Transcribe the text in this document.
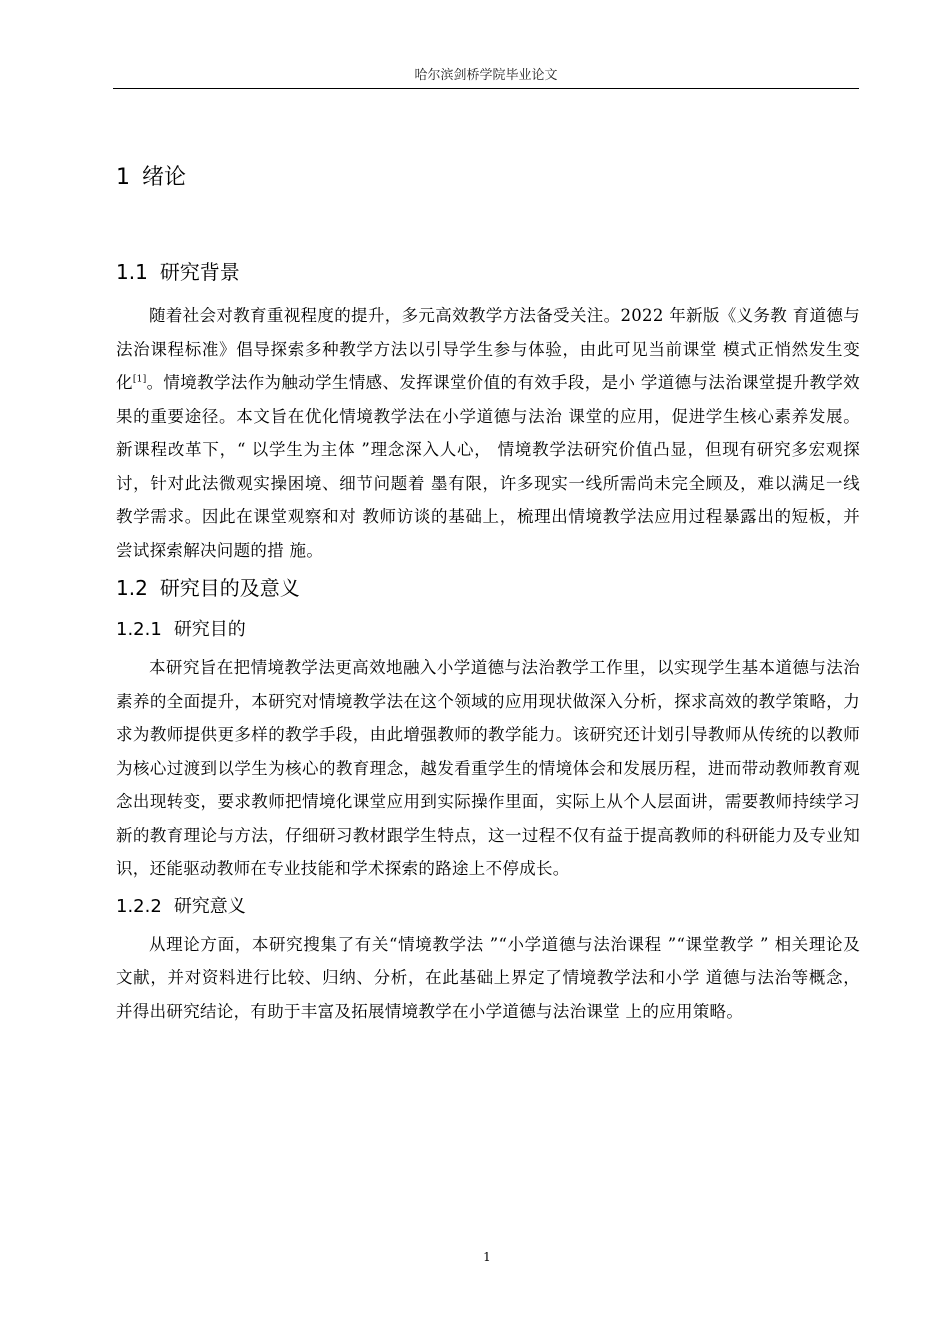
哈尔滨剑桥学院毕业论文
1 绪论
1.1 研究背景

随着社会对教育重视程度的提升，多元高效教学方法备受关注。2022 年新版《义务教 育道德与法治课程标准》倡导探索多种教学方法以引导学生参与体验，由此可见当前课堂 模式正悄然发生变化[1]。情境教学法作为触动学生情感、发挥课堂价值的有效手段，是小 学道德与法治课堂提升教学效果的重要途径。本文旨在优化情境教学法在小学道德与法治 课堂的应用，促进学生核心素养发展。新课程改革下，“ 以学生为主体 ”理念深入人心， 情境教学法研究价值凸显，但现有研究多宏观探讨，针对此法微观实操困境、细节问题着 墨有限，许多现实一线所需尚未完全顾及，难以满足一线教学需求。因此在课堂观察和对 教师访谈的基础上，梳理出情境教学法应用过程暴露出的短板，并尝试探索解决问题的措 施。

1.2 研究目的及意义
1.2.1 研究目的

本研究旨在把情境教学法更高效地融入小学道德与法治教学工作里，以实现学生基本道德与法治素养的全面提升，本研究对情境教学法在这个领域的应用现状做深入分析，探求高效的教学策略，力求为教师提供更多样的教学手段，由此增强教师的教学能力。该研究还计划引导教师从传统的以教师为核心过渡到以学生为核心的教育理念，越发看重学生的情境体会和发展历程，进而带动教师教育观念出现转变，要求教师把情境化课堂应用到实际操作里面，实际上从个人层面讲，需要教师持续学习新的教育理论与方法，仔细研习教材跟学生特点，这一过程不仅有益于提高教师的科研能力及专业知识，还能驱动教师在专业技能和学术探索的路途上不停成长。

1.2.2 研究意义

从理论方面，本研究搜集了有关“情境教学法 ”“小学道德与法治课程 ”“课堂教学 ” 相关理论及文献，并对资料进行比较、归纳、分析，在此基础上界定了情境教学法和小学 道德与法治等概念，并得出研究结论，有助于丰富及拓展情境教学在小学道德与法治课堂 上的应用策略。

1
